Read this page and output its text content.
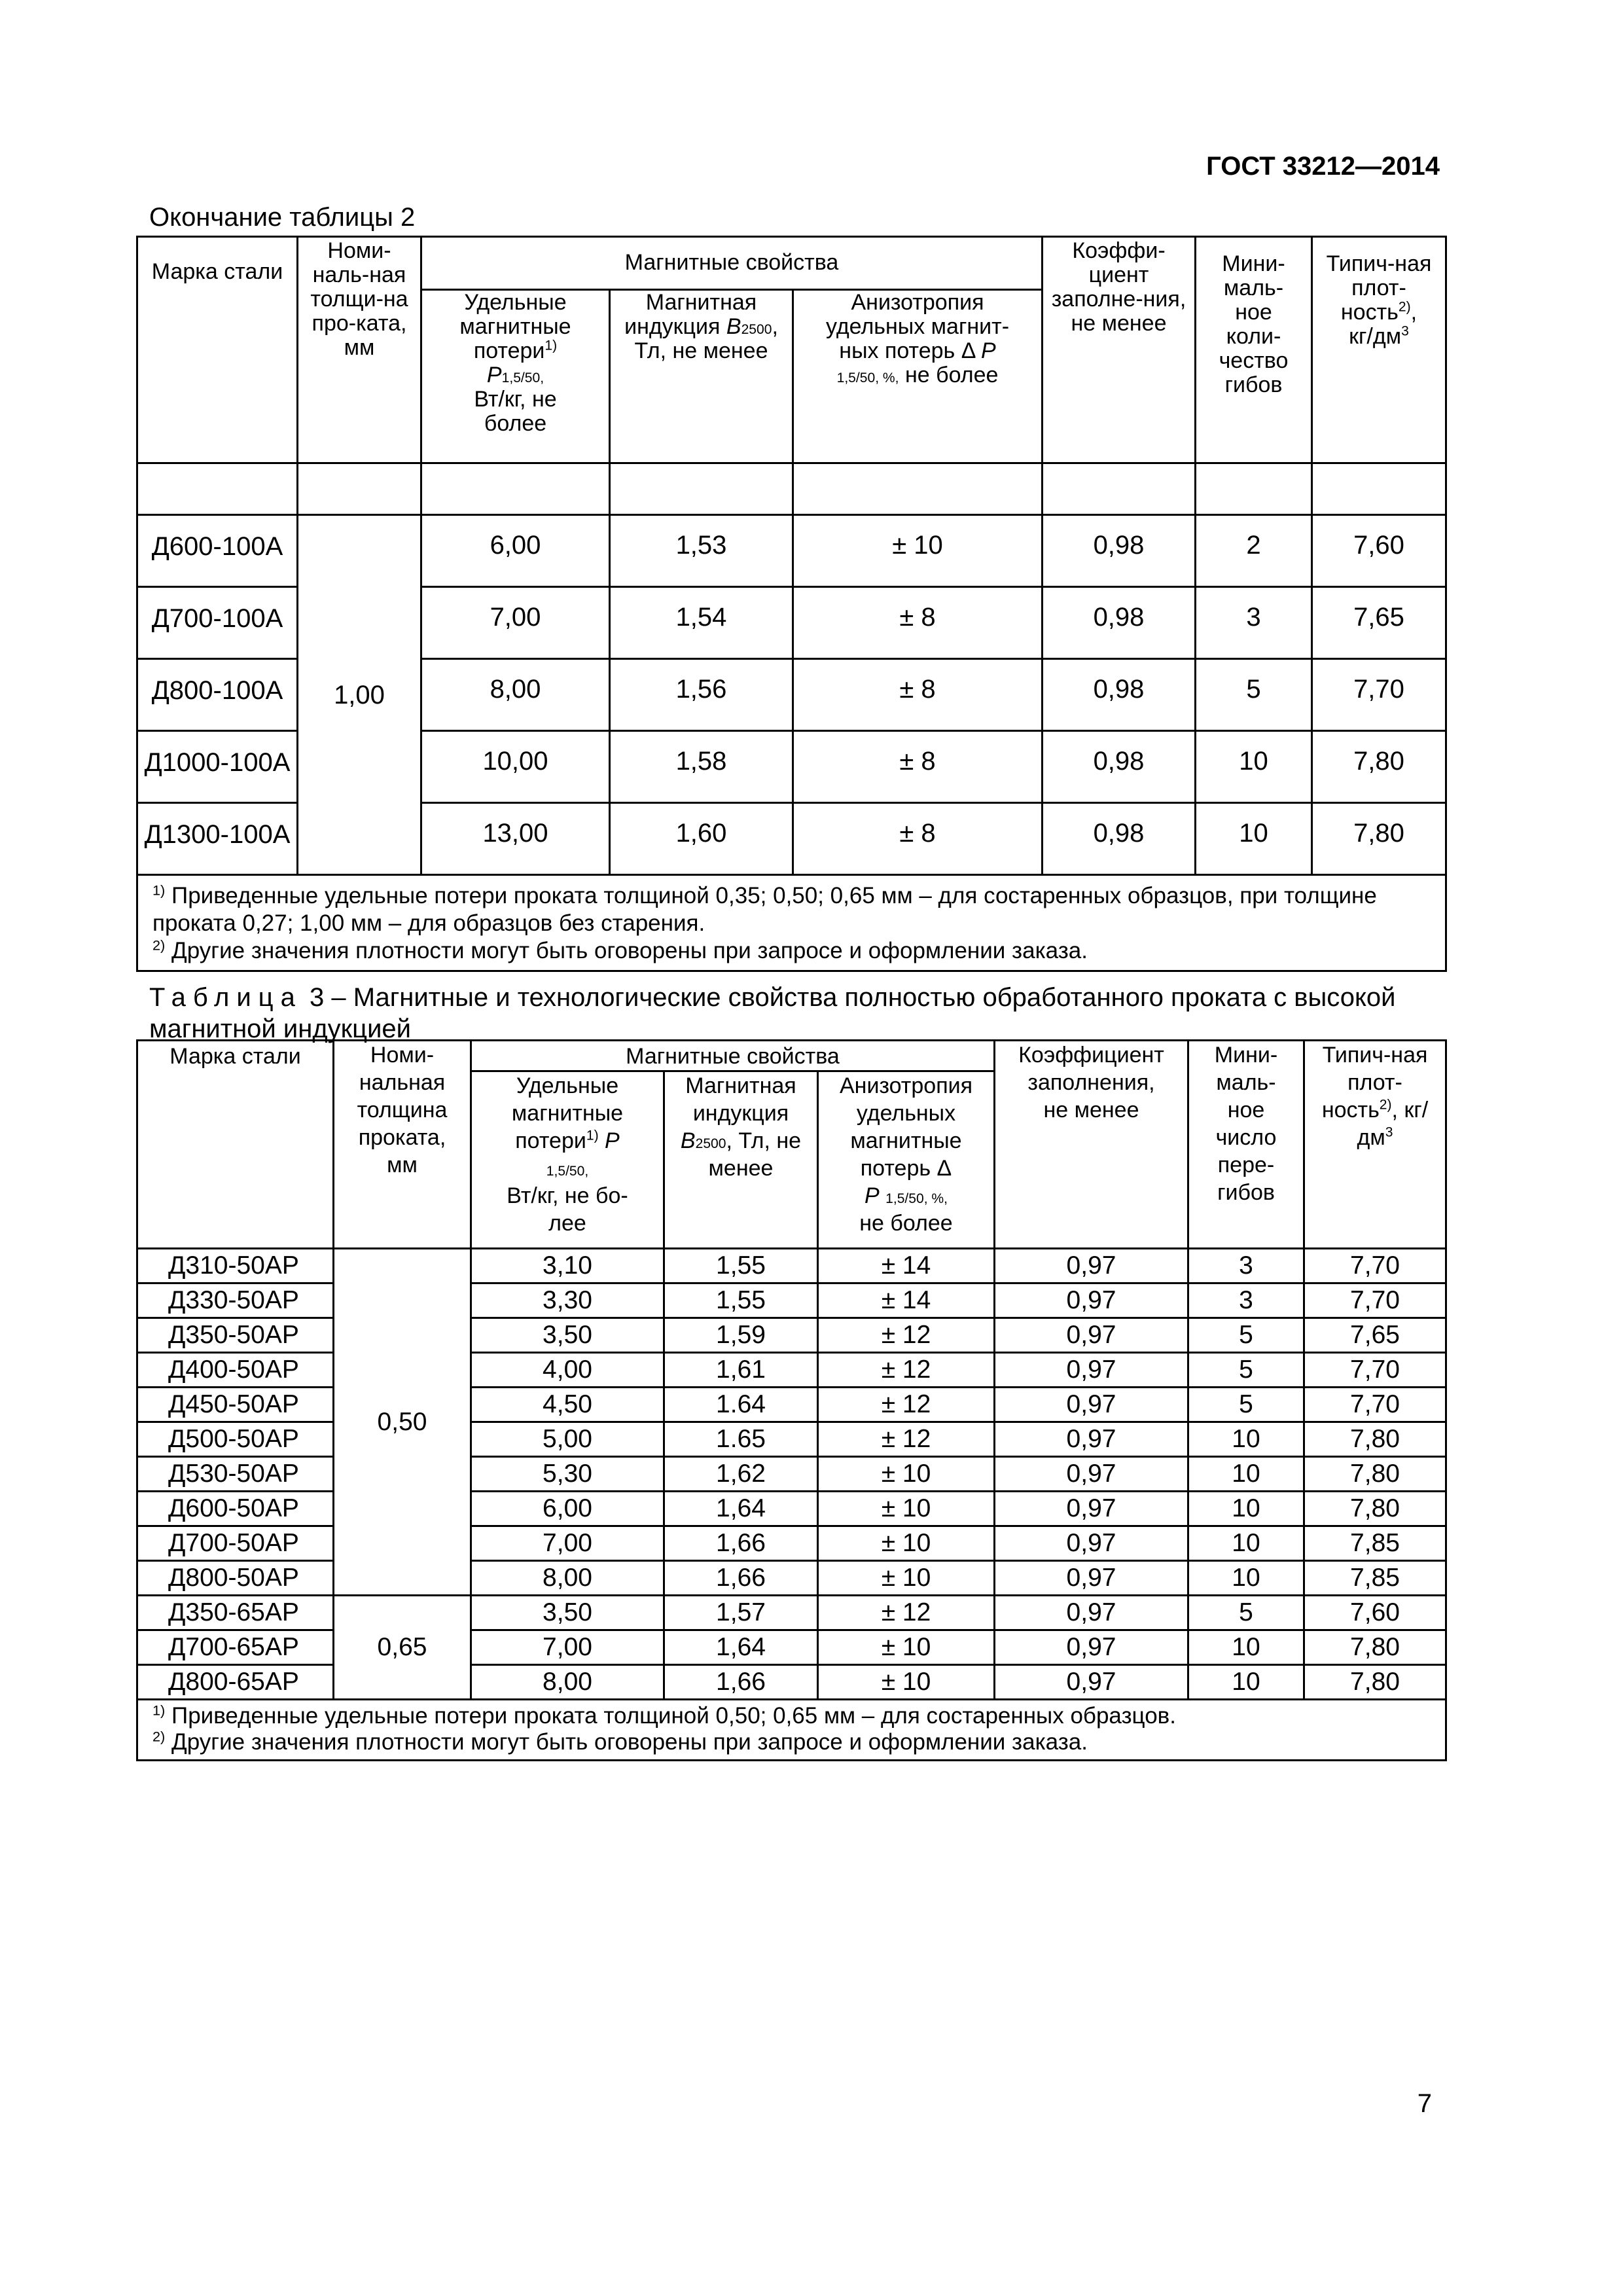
ГОСТ 33212—2014
Окончание таблицы 2
Марка стали	Номи-наль-ная толщи-на про-ката, мм	Магнитные свойства			Коэффи-циент заполне-ния, не менее	Мини-маль-ное коли-чество гибов	Типич-ная плот-ность$^{2)}$, $кг/дм^3$
		Удельные магнитные потери$^{1)}$
P1,5/50,
Вт/кг, не более	Магнитная индукция B2500, Тл, не менее	Анизотропия удельных магнит-ных потерь Δ P
1,5/50, %, не более			

Д600-100А	1,00	6,00	1,53	± 10	0,98	2	7,60
Д700-100А		7,00	1,54	± 8	0,98	3	7,65
Д800-100А		8,00	1,56	± 8	0,98	5	7,70
Д1000-100А		10,00	1,58	± 8	0,98	10	7,80
Д1300-100А		13,00	1,60	± 8	0,98	10	7,80
$^{1)}$ Приведенные удельные потери проката толщиной 0,35; 0,50; 0,65 мм – для состаренных образцов, при толщине проката 0,27; 1,00 мм – для образцов без старения.
$^{2)}$ Другие значения плотности могут быть оговорены при запросе и оформлении заказа.							
Таблица 3 – Магнитные и технологические свойства полностью обработанного проката с высокой магнитной индукцией
Марка стали	Номи-нальная толщина проката, мм	Магнитные свойства			Коэффициент заполнения, не менее	Мини-маль-ное число пере-гибов	Типич-ная плот-ность$^{2)}$, $кг/дм^3$
		Удельные магнитные потери$^{1)}$ P
1,5/50,
Вт/кг, не бо-лее	Магнитная индукция B2500, Тл, не менее	Анизотропия удельных магнитные потерь Δ
P 1,5/50, %,
не более			
Д310-50АР	0,50	3,10	1,55	± 14	0,97	3	7,70
Д330-50АР		3,30	1,55	± 14	0,97	3	7,70
Д350-50АР		3,50	1,59	± 12	0,97	5	7,65
Д400-50АР		4,00	1,61	± 12	0,97	5	7,70
Д450-50АР		4,50	1.64	± 12	0,97	5	7,70
Д500-50АР		5,00	1.65	± 12	0,97	10	7,80
Д530-50АР		5,30	1,62	± 10	0,97	10	7,80
Д600-50АР		6,00	1,64	± 10	0,97	10	7,80
Д700-50АР		7,00	1,66	± 10	0,97	10	7,85
Д800-50АР		8,00	1,66	± 10	0,97	10	7,85
Д350-65АР	0,65	3,50	1,57	± 12	0,97	5	7,60
Д700-65АР		7,00	1,64	± 10	0,97	10	7,80
Д800-65АР		8,00	1,66	± 10	0,97	10	7,80
$^{1)}$ Приведенные удельные потери проката толщиной 0,50; 0,65 мм – для состаренных образцов.
$^{2)}$ Другие значения плотности могут быть оговорены при запросе и оформлении заказа.							
7
